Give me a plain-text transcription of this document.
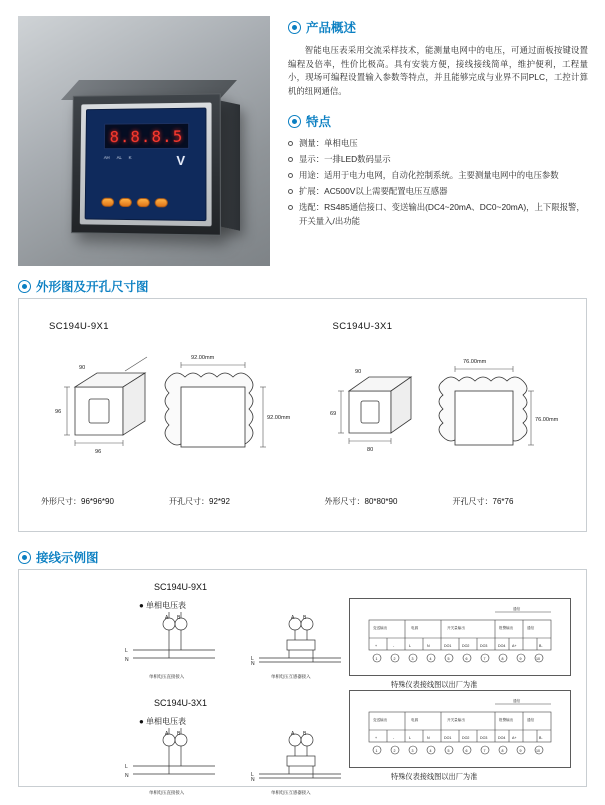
8.8.8.5
AH AL K	V
产品概述

智能电压表采用交流采样技术，能测量电网中的电压，可通过面板按键设置编程及倍率，性价比极高。具有安装方便，接线接线简单，维护便利，工程量小，现场可编程设置输入参数等特点，并且能够完成与业界不同PLC，工控计算机的纽网通信。

特点
测量：单相电压
显示：一排LED数码显示
用途：适用于电力电网，自动化控制系统。主要测量电网中的电压参数
扩展：AC500V以上需要配置电压互感器
选配：RS485通信接口、变送输出(DC4~20mA、DC0~20mA)，上下限报警，
开关量入/出功能
外形图及开孔尺寸图
SC194U-9X1
96
96
90
92.00mm
92.00mm
外形尺寸：96*96*90	开孔尺寸：92*92
SC194U-3X1
69
80
90
76.00mm
76.00mm
外形尺寸：80*80*90	开孔尺寸：76*76
接线示例图
SC194U-9X1
● 单相电压表
A B
L
N
A B
L
N
单相电压直接接入	单相电压互感器接入
变送输出	电源	开关量输出	报警输出	通信
通信
+	-	L	N	DO1	DO2	DO3	DO4 A+	B-
1	2	3	4	5	6	7	8	9	10
特殊仪表接线图以出厂为准
SC194U-3X1
● 单相电压表
A B
L
N
A B
L
N
单相电压直接接入	单相电压互感器接入
变送输出	电源	开关量输出	报警输出	通信
通信
+	-	L	N	DO1	DO2	DO3	DO4 A+	B-
1	2	3	4	5	6	7	8	9	10
特殊仪表接线图以出厂为准
